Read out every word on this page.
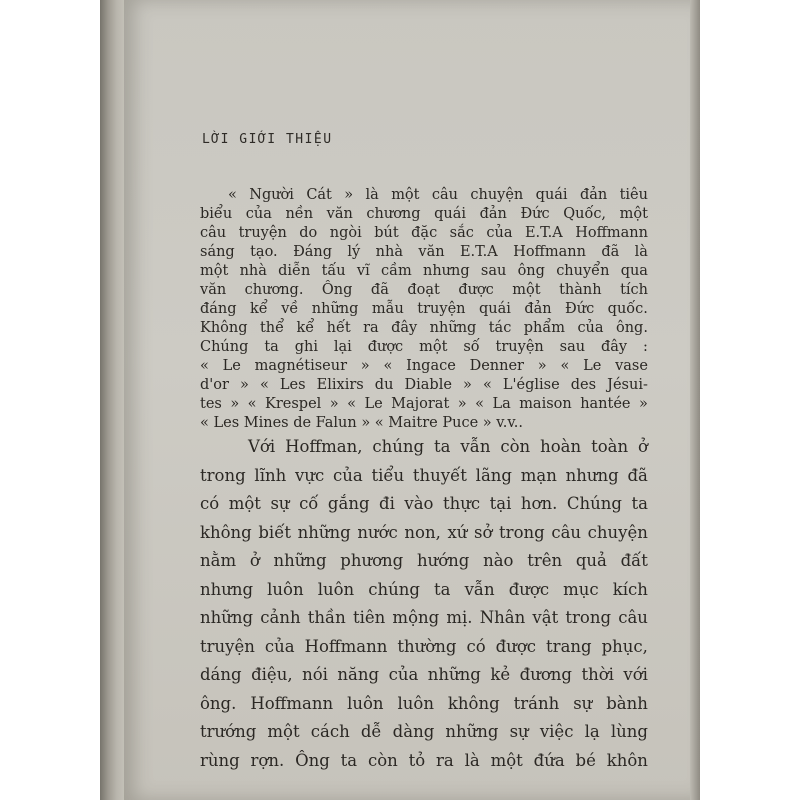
LỜI GIỚI THIỆU
« Người Cát » là một câu chuyện quái đản tiêu
biểu của nền văn chương quái đản Đức Quốc, một
câu truyện do ngòi bút đặc sắc của E.T.A Hoffmann
sáng tạo. Đáng lý nhà văn E.T.A Hoffmann đã là
một nhà diễn tấu vĩ cầm nhưng sau ông chuyển qua
văn chương. Ông đã đoạt được một thành tích
đáng kể về những mẫu truyện quái đản Đức quốc.
Không thể kể hết ra đây những tác phẩm của ông.
Chúng ta ghi lại được một số truyện sau đây :
« Le magnétiseur » « Ingace Denner » « Le vase
d'or » « Les Elixirs du Diable » « L'église des Jésui-
tes » « Krespel » « Le Majorat » « La maison hantée »
« Les Mines de Falun » « Maitre Puce » v.v..
Với Hoffman, chúng ta vẫn còn hoàn toàn ở
trong lĩnh vực của tiểu thuyết lãng mạn nhưng đã
có một sự cố gắng đi vào thực tại hơn. Chúng ta
không biết những nước non, xứ sở trong câu chuyện
nằm ở những phương hướng nào trên quả đất
nhưng luôn luôn chúng ta vẫn được mục kích
những cảnh thần tiên mộng mị. Nhân vật trong câu
truyện của Hoffmann thường có được trang phục,
dáng điệu, nói năng của những kẻ đương thời với
ông. Hoffmann luôn luôn không tránh sự bành
trướng một cách dễ dàng những sự việc lạ lùng
rùng rợn. Ông ta còn tỏ ra là một đứa bé khôn
